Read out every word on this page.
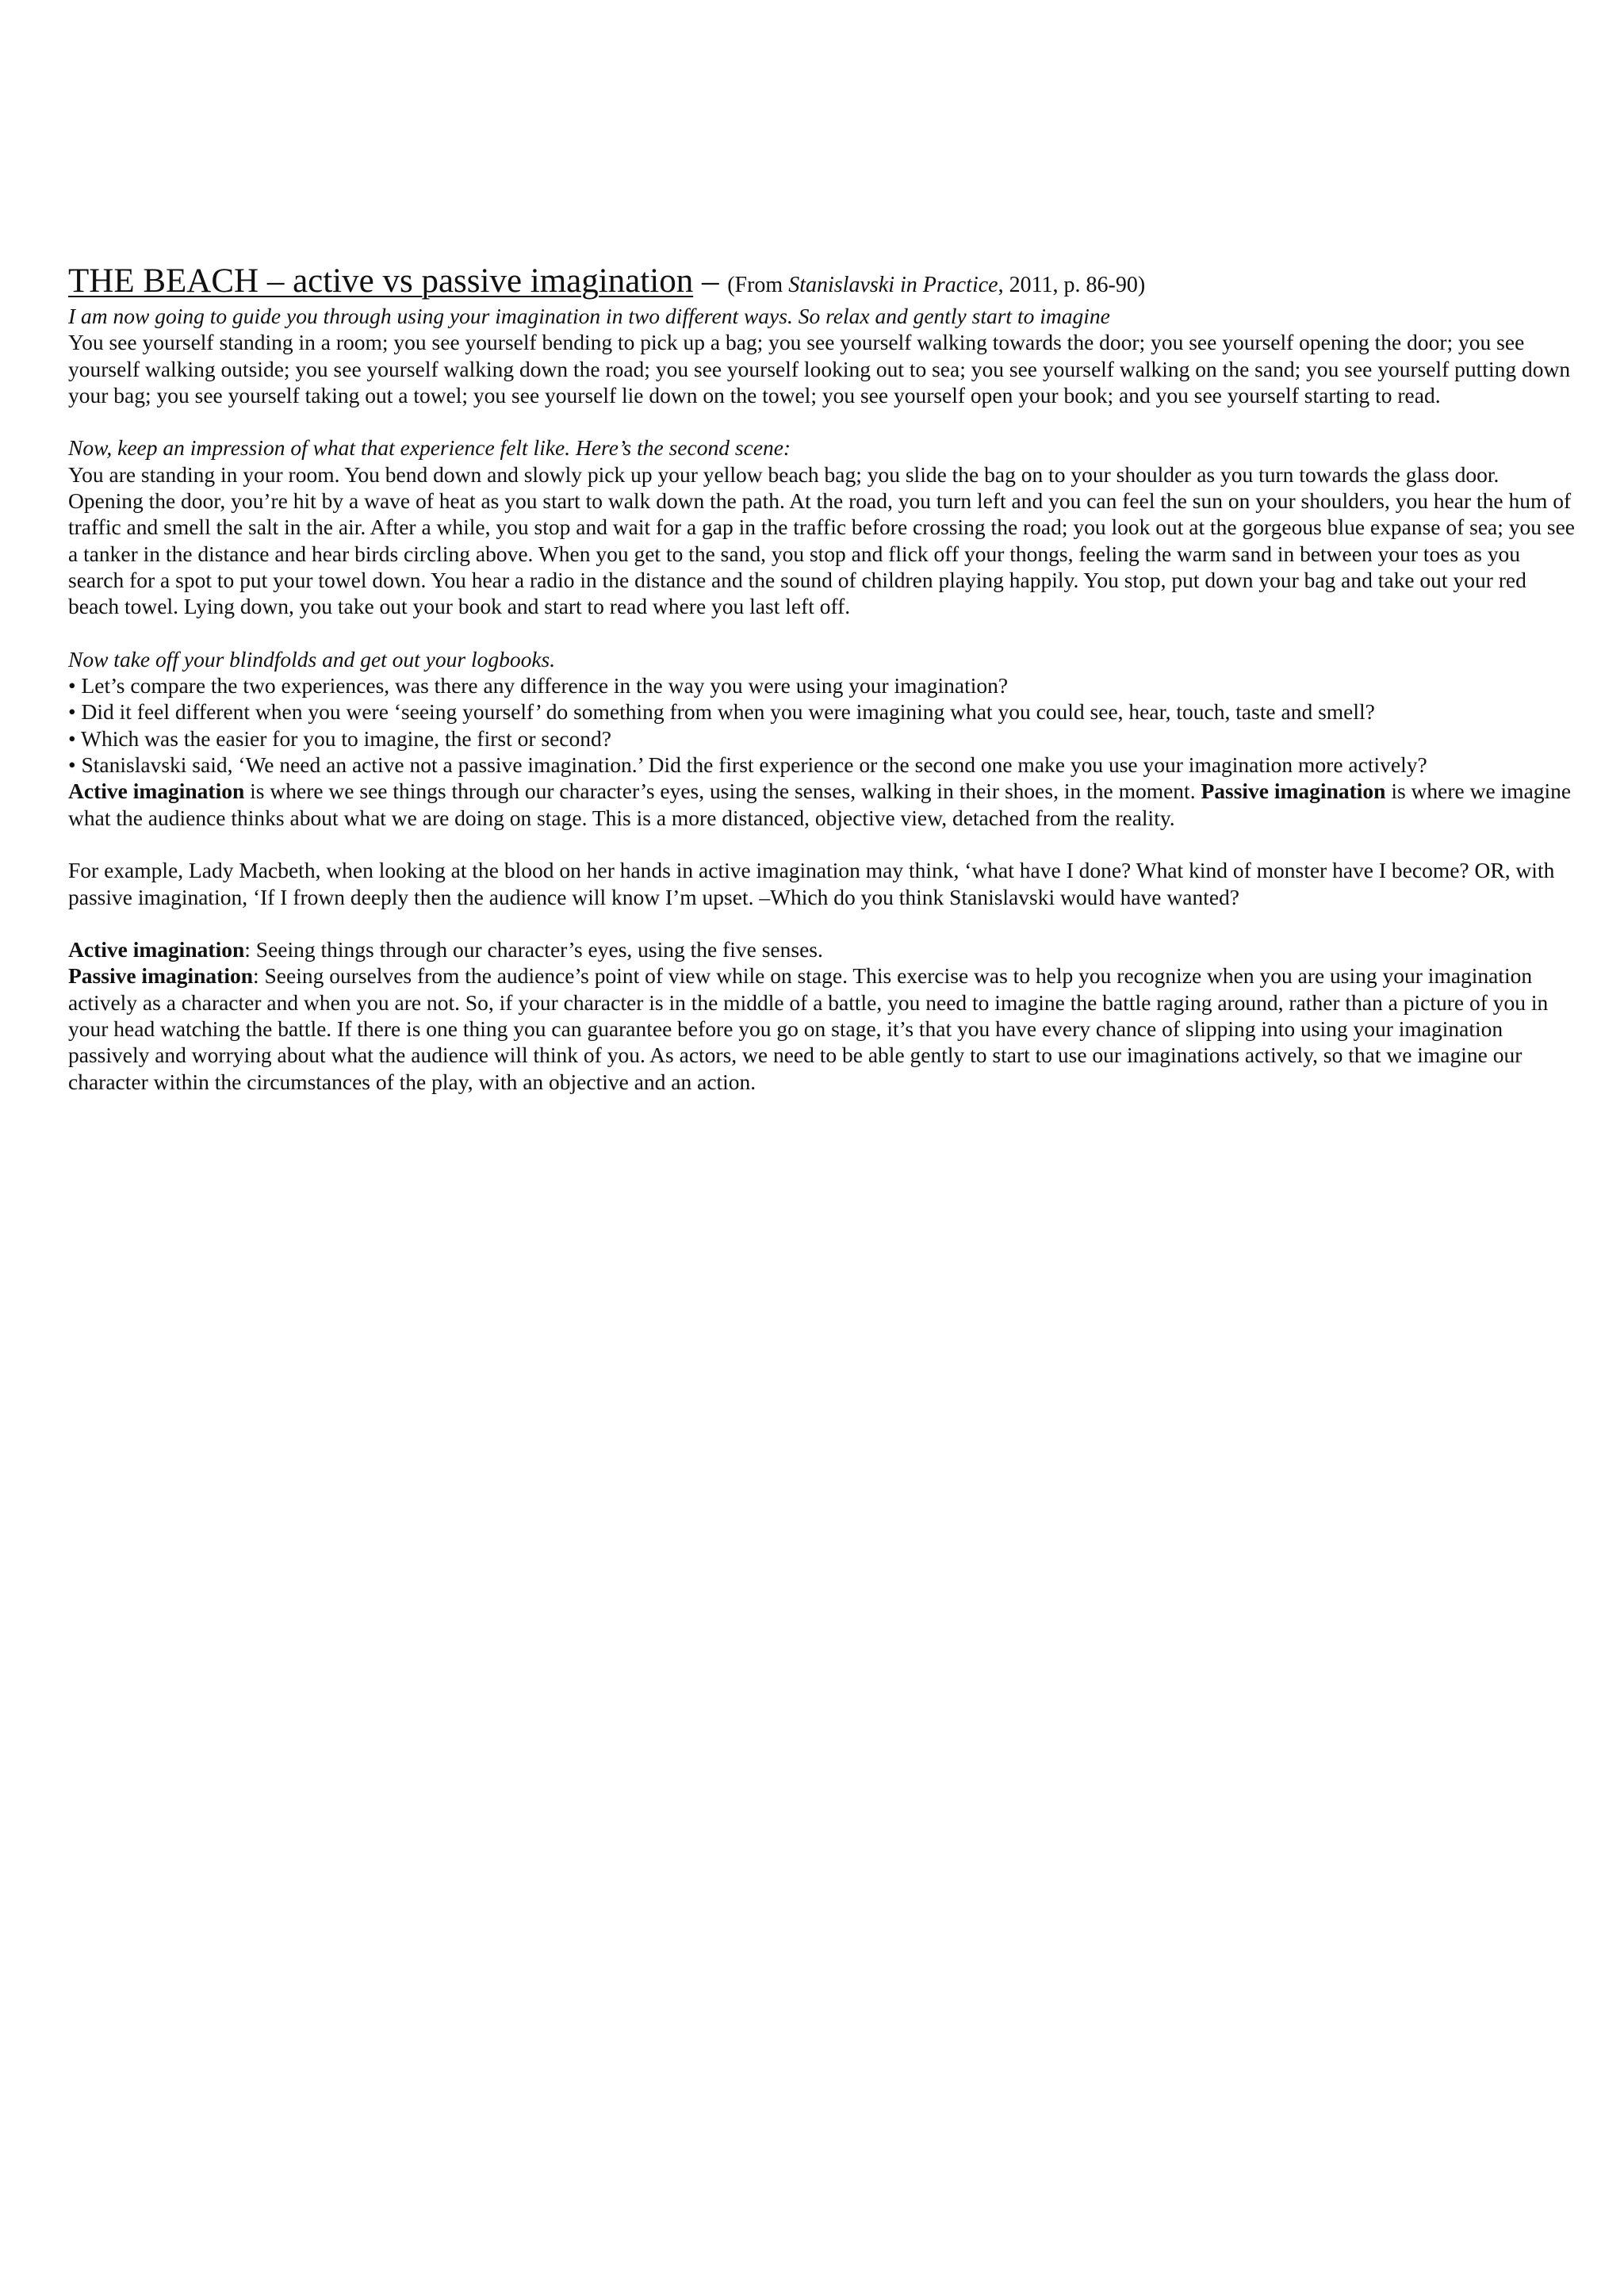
THE BEACH – active vs passive imagination – (From Stanislavski in Practice, 2011, p. 86-90)

I am now going to guide you through using your imagination in two different ways. So relax and gently start to imagine

You see yourself standing in a room; you see yourself bending to pick up a bag; you see yourself walking towards the door; you see yourself opening the door; you see yourself walking outside; you see yourself walking down the road; you see yourself looking out to sea; you see yourself walking on the sand; you see yourself putting down your bag; you see yourself taking out a towel; you see yourself lie down on the towel; you see yourself open your book; and you see yourself starting to read.

Now, keep an impression of what that experience felt like. Here’s the second scene:

You are standing in your room. You bend down and slowly pick up your yellow beach bag; you slide the bag on to your shoulder as you turn towards the glass door. Opening the door, you’re hit by a wave of heat as you start to walk down the path. At the road, you turn left and you can feel the sun on your shoulders, you hear the hum of traffic and smell the salt in the air. After a while, you stop and wait for a gap in the traffic before crossing the road; you look out at the gorgeous blue expanse of sea; you see a tanker in the distance and hear birds circling above. When you get to the sand, you stop and flick off your thongs, feeling the warm sand in between your toes as you search for a spot to put your towel down. You hear a radio in the distance and the sound of children playing happily. You stop, put down your bag and take out your red beach towel. Lying down, you take out your book and start to read where you last left off.

Now take off your blindfolds and get out your logbooks.

• Let’s compare the two experiences, was there any difference in the way you were using your imagination?

• Did it feel different when you were ‘seeing yourself’ do something from when you were imagining what you could see, hear, touch, taste and smell?

• Which was the easier for you to imagine, the first or second?

• Stanislavski said, ‘We need an active not a passive imagination.’ Did the first experience or the second one make you use your imagination more actively?

Active imagination is where we see things through our character’s eyes, using the senses, walking in their shoes, in the moment. Passive imagination is where we imagine what the audience thinks about what we are doing on stage. This is a more distanced, objective view, detached from the reality.

For example, Lady Macbeth, when looking at the blood on her hands in active imagination may think, ‘what have I done? What kind of monster have I become? OR, with passive imagination, ‘If I frown deeply then the audience will know I’m upset. –Which do you think Stanislavski would have wanted?

Active imagination: Seeing things through our character’s eyes, using the five senses.

Passive imagination: Seeing ourselves from the audience’s point of view while on stage. This exercise was to help you recognize when you are using your imagination actively as a character and when you are not. So, if your character is in the middle of a battle, you need to imagine the battle raging around, rather than a picture of you in your head watching the battle. If there is one thing you can guarantee before you go on stage, it’s that you have every chance of slipping into using your imagination passively and worrying about what the audience will think of you. As actors, we need to be able gently to start to use our imaginations actively, so that we imagine our character within the circumstances of the play, with an objective and an action.
